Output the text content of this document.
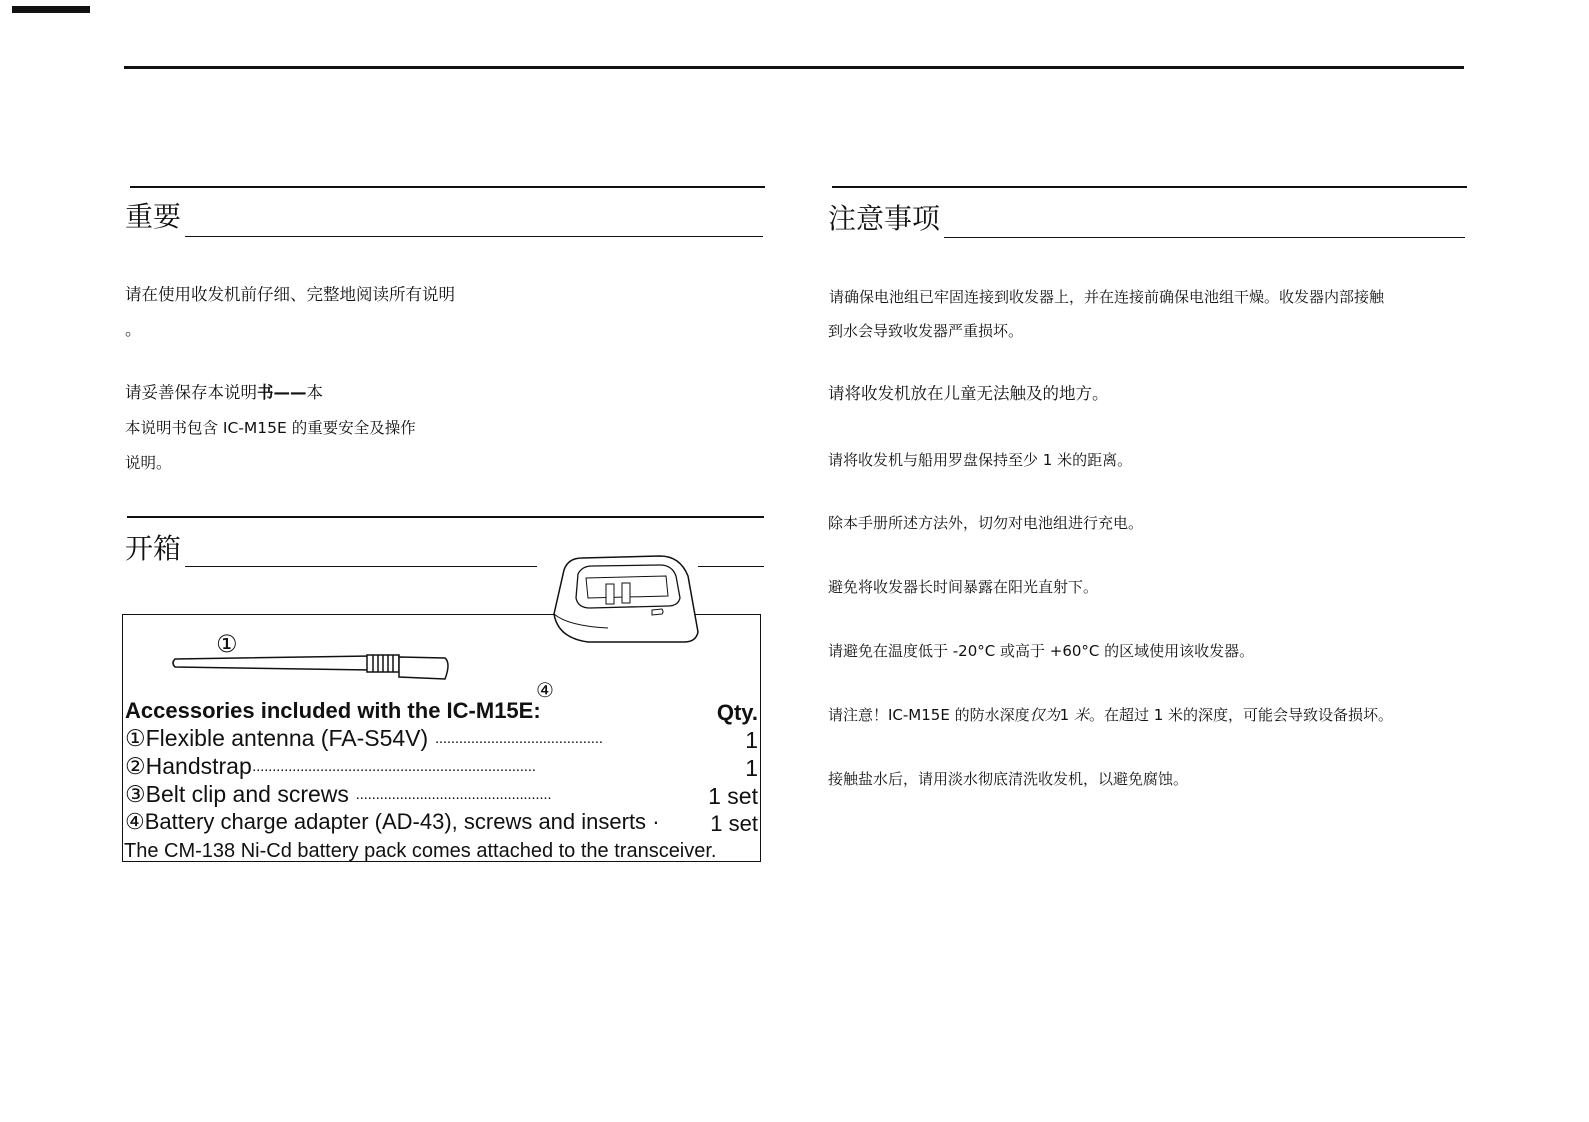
重要
请在使用收发机前仔细、完整地阅读所有说明
。
请妥善保存本说明书——本
本说明书包含 IC-M15E 的重要安全及操作
说明。
开箱
①
④
Accessories included with the IC-M15E:	Qty.
①Flexible antenna (FA-S54V) ··········································	1
②Handstrap·······································································	1
③Belt clip and screws ·················································	1 set
④Battery charge adapter (AD-43), screws and inserts · 1 set
The CM-138 Ni-Cd battery pack comes attached to the transceiver.
注意事项
请确保电池组已牢固连接到收发器上，并在连接前确保电池组干燥。收发器内部接触
到水会导致收发器严重损坏。
请将收发机放在儿童无法触及的地方。
请将收发机与船用罗盘保持至少 1 米的距离。
除本手册所述方法外，切勿对电池组进行充电。
避免将收发器长时间暴露在阳光直射下。
请避免在温度低于 -20°C 或高于 +60°C 的区域使用该收发器。
请注意！IC-M15E 的防水深度仅为1 米。在超过 1 米的深度，可能会导致设备损坏。
接触盐水后，请用淡水彻底清洗收发机，以避免腐蚀。
